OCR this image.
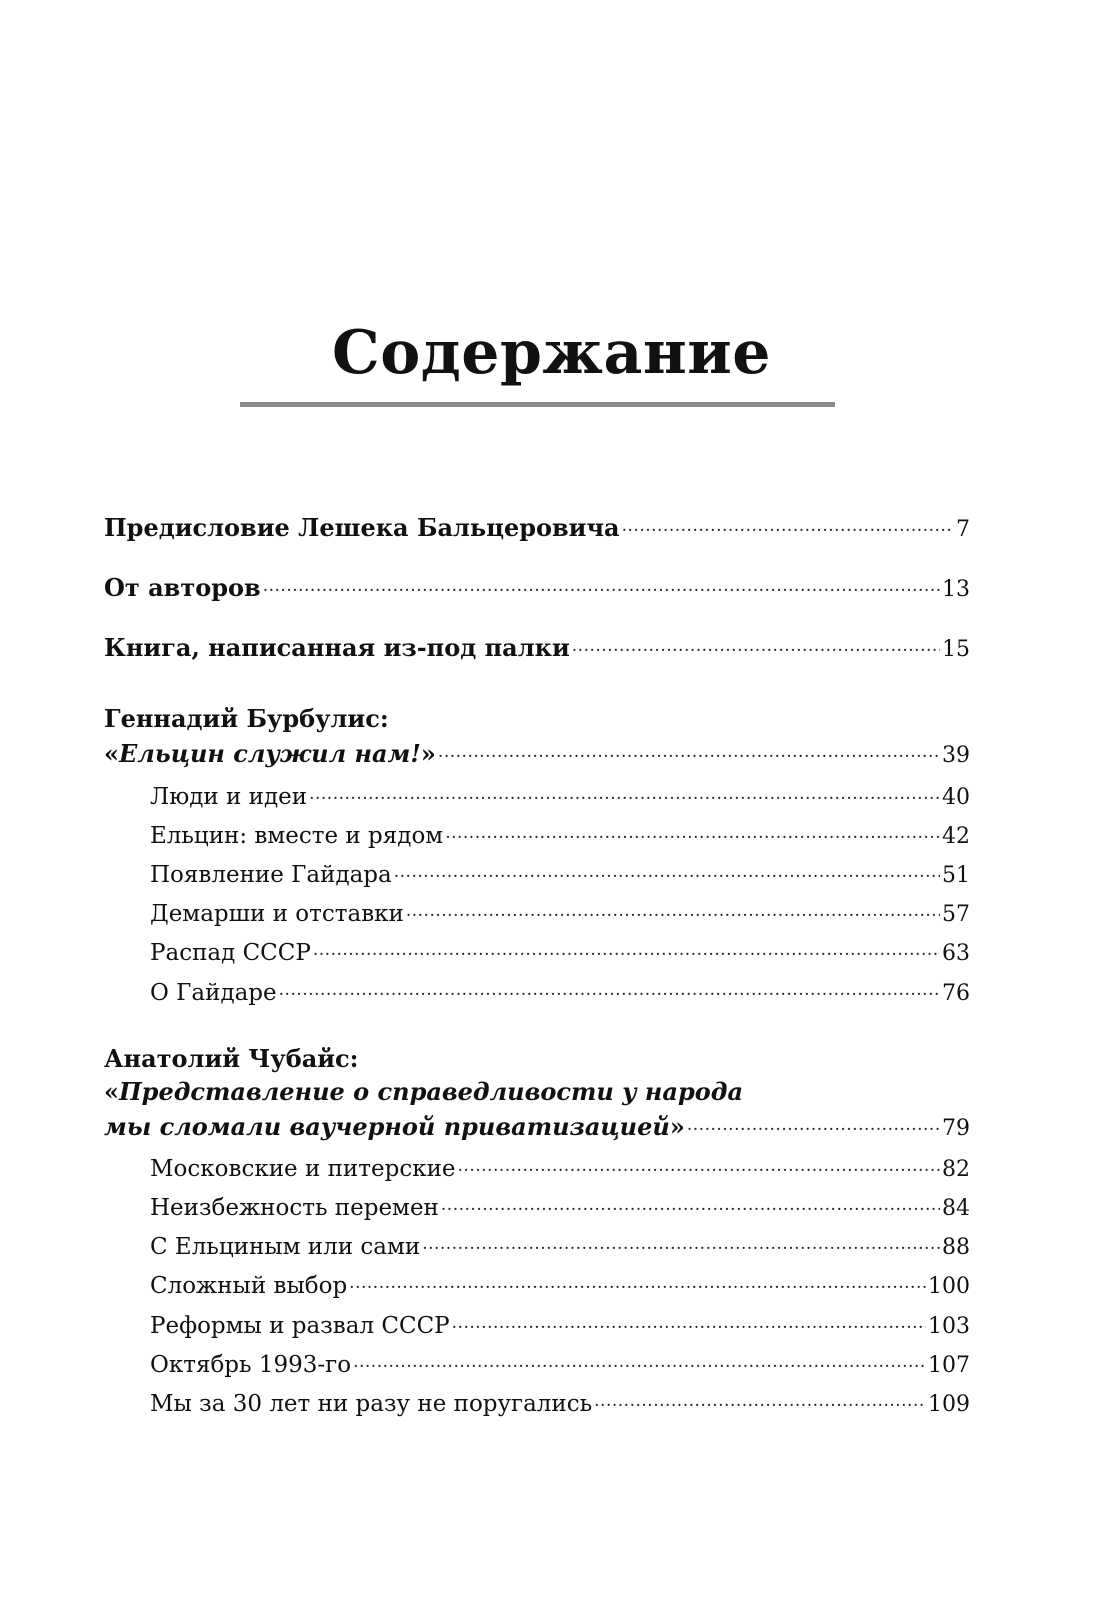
Содержание
Предисловие Лешека Бальцеровича .....	7
От авторов .....	13
Книга, написанная из-под палки .....	15
Геннадий Бурбулис:
«Ельцин служил нам!» .....	39
Люди и идеи .....	40
Ельцин: вместе и рядом .....	42
Появление Гайдара .....	51
Демарши и отставки .....	57
Распад СССР .....	63
О Гайдаре .....	76
Анатолий Чубайс:
«Представление о справедливости у народа
мы сломали ваучерной приватизацией» .....	79
Московские и питерские .....	82
Неизбежность перемен .....	84
С Ельциным или сами .....	88
Сложный выбор .....	100
Реформы и развал СССР .....	103
Октябрь 1993-го .....	107
Мы за 30 лет ни разу не поругались .....	109
